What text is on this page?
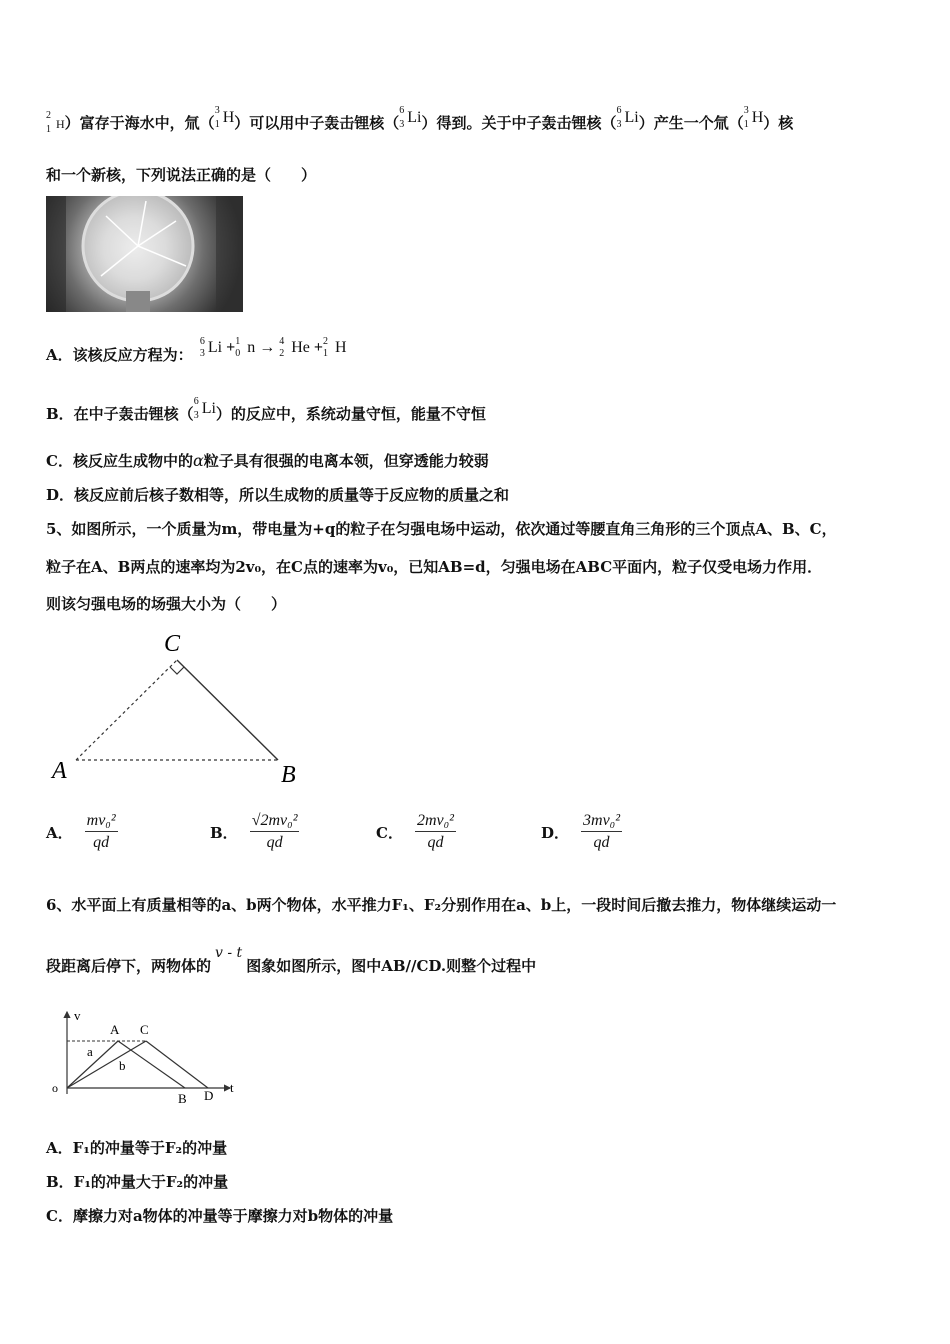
2
1 H）富存于海水中，氚（
3
1 H）可以用中子轰击锂核（
6
3 Li）得到。关于中子轰击锂核（
6
3 Li）产生一个氚（
3
1 H）核
和一个新核，下列说法正确的是（　　）
A．该核反应方程为： 63 Li +10 n → 42 He +21 H
B．在中子轰击锂核（
6
3 Li）的反应中，系统动量守恒，能量不守恒
C．核反应生成物中的α粒子具有很强的电离本领，但穿透能力较弱
D．核反应前后核子数相等，所以生成物的质量等于反应物的质量之和
5、如图所示，一个质量为m，带电量为+q的粒子在匀强电场中运动，依次通过等腰直角三角形的三个顶点A、B、C，
粒子在A、B两点的速率均为2v₀，在C点的速率为v₀，已知AB=d，匀强电场在ABC平面内，粒子仅受电场力作用．
则该匀强电场的场强大小为（　　）
C
A	B
A． $\frac{\text{mv₀²}}{qd}$	B． $\frac{\text{√2mv₀²}}{qd}$	C． $\frac{\text{2mv₀²}}{qd}$	D． $\frac{\text{3mv₀²}}{qd}$
6、水平面上有质量相等的a、b两个物体，水平推力F₁、F₂分别作用在a、b上，一段时间后撤去推力，物体继续运动一
段距离后停下，两物体的v - t图象如图所示，图中AB//CD.则整个过程中
v
t
o
A C
B D
a
b
A．F₁的冲量等于F₂的冲量
B．F₁的冲量大于F₂的冲量
C．摩擦力对a物体的冲量等于摩擦力对b物体的冲量
